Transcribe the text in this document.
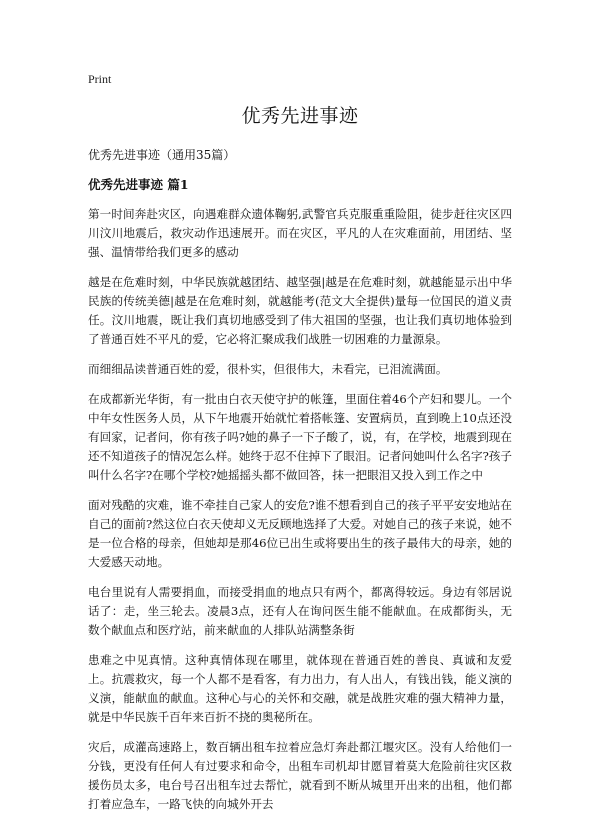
Print
优秀先进事迹
优秀先进事迹（通用35篇）
优秀先进事迹 篇1

第一时间奔赴灾区，向遇难群众遗体鞠躬,武警官兵克服重重险阻，徒步赶往灾区四川汶川地震后，救灾动作迅速展开。而在灾区，平凡的人在灾难面前，用团结、坚强、温情带给我们更多的感动

越是在危难时刻，中华民族就越团结、越坚强|越是在危难时刻，就越能显示出中华民族的传统美德|越是在危难时刻，就越能考(范文大全提供)量每一位国民的道义责任。汶川地震，既让我们真切地感受到了伟大祖国的坚强，也让我们真切地体验到了普通百姓不平凡的爱，它必将汇聚成我们战胜一切困难的力量源泉。

而细细品读普通百姓的爱，很朴实，但很伟大，未看完，已泪流满面。

在成都新光华街，有一批由白衣天使守护的帐篷，里面住着46个产妇和婴儿。一个中年女性医务人员，从下午地震开始就忙着搭帐篷、安置病员，直到晚上10点还没有回家，记者问，你有孩子吗?她的鼻子一下子酸了，说，有，在学校，地震到现在还不知道孩子的情况怎么样。她终于忍不住掉下了眼泪。记者问她叫什么名字?孩子叫什么名字?在哪个学校?她摇摇头都不做回答，抹一把眼泪又投入到工作之中

面对残酷的灾难，谁不牵挂自己家人的安危?谁不想看到自己的孩子平平安安地站在自己的面前?然这位白衣天使却义无反顾地选择了大爱。对她自己的孩子来说，她不是一位合格的母亲，但她却是那46位已出生或将要出生的孩子最伟大的母亲，她的大爱感天动地。

电台里说有人需要捐血，而接受捐血的地点只有两个，都离得较远。身边有邻居说话了：走，坐三轮去。凌晨3点，还有人在询问医生能不能献血。在成都街头，无数个献血点和医疗站，前来献血的人排队站满整条街

患难之中见真情。这种真情体现在哪里，就体现在普通百姓的善良、真诚和友爱上。抗震救灾，每一个人都不是看客，有力出力，有人出人，有钱出钱，能义演的义演，能献血的献血。这种心与心的关怀和交融，就是战胜灾难的强大精神力量，就是中华民族千百年来百折不挠的奥秘所在。

灾后，成灌高速路上，数百辆出租车拉着应急灯奔赴都江堰灾区。没有人给他们一分钱，更没有任何人有过要求和命令，出租车司机却甘愿冒着莫大危险前往灾区救援伤员太多，电台号召出租车过去帮忙，就看到不断从城里开出来的出租，他们都打着应急车，一路飞快的向城外开去
